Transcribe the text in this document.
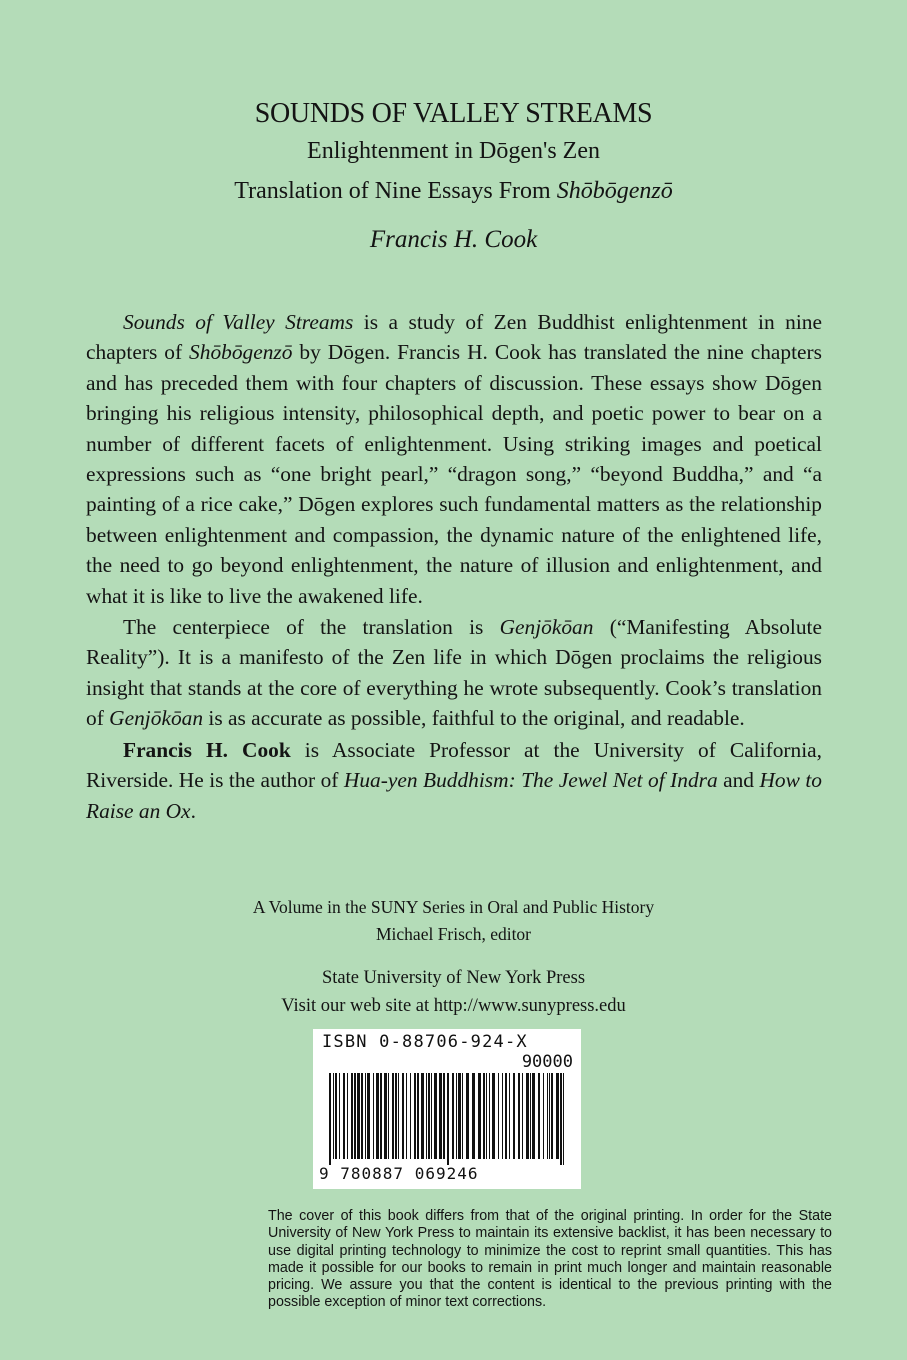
SOUNDS OF VALLEY STREAMS
Enlightenment in Dōgen's Zen
Translation of Nine Essays From Shōbōgenzō
Francis H. Cook

Sounds of Valley Streams is a study of Zen Buddhist enlightenment in nine chapters of Shōbōgenzō by Dōgen. Francis H. Cook has translated the nine chapters and has preceded them with four chapters of discussion. These essays show Dōgen bringing his religious intensity, philosophical depth, and poetic power to bear on a number of different facets of enlightenment. Using striking images and poetical expressions such as “one bright pearl,” “dragon song,” “beyond Buddha,” and “a painting of a rice cake,” Dōgen explores such fundamental matters as the relationship between enlightenment and compassion, the dynamic nature of the enlightened life, the need to go beyond enlightenment, the nature of illusion and enlightenment, and what it is like to live the awakened life.

The centerpiece of the translation is Genjōkōan (“Manifesting Absolute Reality”). It is a manifesto of the Zen life in which Dōgen proclaims the religious insight that stands at the core of everything he wrote subsequently. Cook’s translation of Genjōkōan is as accurate as possible, faithful to the original, and readable.

Francis H. Cook is Associate Professor at the University of California, Riverside. He is the author of Hua-yen Buddhism: The Jewel Net of Indra and How to Raise an Ox.

A Volume in the SUNY Series in Oral and Public History
Michael Frisch, editor
State University of New York Press
Visit our web site at http://www.sunypress.edu
ISBN 0-88706-924-X
90000
9 780887 069246
The cover of this book differs from that of the original printing. In order for the State University of New York Press to maintain its extensive backlist, it has been necessary to use digital printing technology to minimize the cost to reprint small quantities. This has made it possible for our books to remain in print much longer and maintain reasonable pricing. We assure you that the content is identical to the previous printing with the possible exception of minor text corrections.
